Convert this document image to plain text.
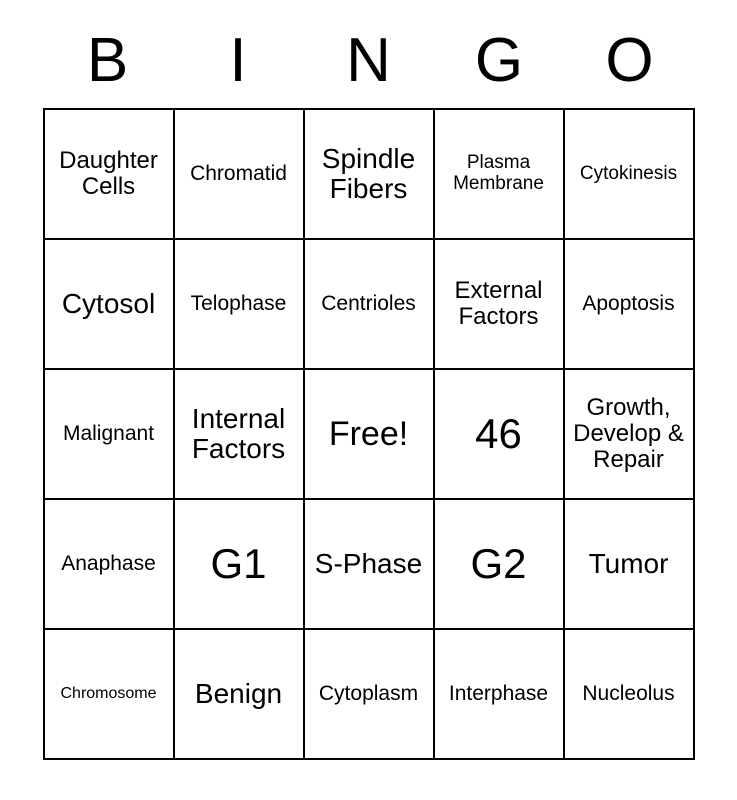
B	I	N	G	O
Daughter Cells	Chromatid	Spindle Fibers	Plasma Membrane	Cytokinesis

Cytosol	Telophase	Centrioles	External Factors	Apoptosis

Malignant	Internal Factors	Free!	46	Growth, Develop & Repair

Anaphase	G1	S-Phase	G2	Tumor

Chromosome	Benign	Cytoplasm	Interphase	Nucleolus
